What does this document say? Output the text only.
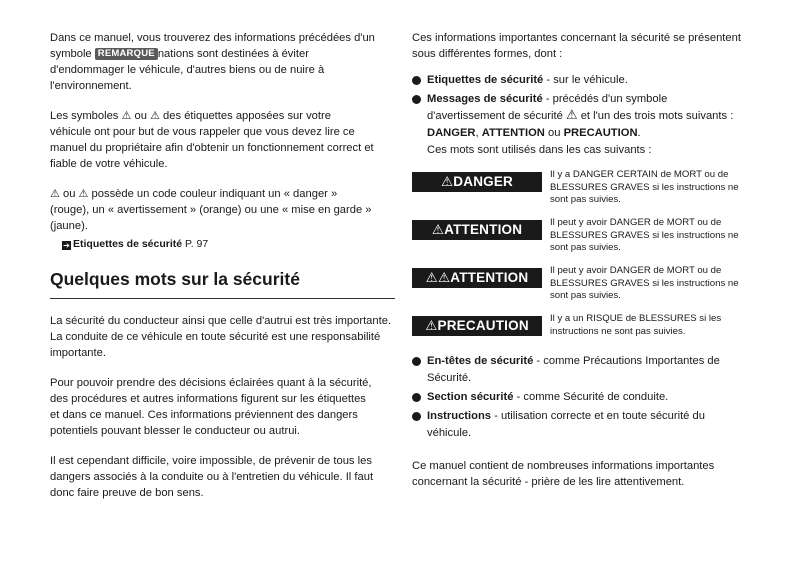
Dans ce manuel, vous trouverez des informations précédées d'un

symbole REMARQUE nations sont destinées à éviter

d'endommager le véhicule, d'autres biens ou de nuire à

l'environnement.

Les symboles ⚠ ou ⚠ des étiquettes apposées sur votre

véhicule ont pour but de vous rappeler que vous devez lire ce

manuel du propriétaire afin d'obtenir un fonctionnement correct et

fiable de votre véhicule.

⚠ ou ⚠ possède un code couleur indiquant un « danger »

(rouge), un « avertissement » (orange) ou une « mise en garde »

(jaune).

➔ Etiquettes de sécurité P. 97

Quelques mots sur la sécurité

La sécurité du conducteur ainsi que celle d'autrui est très importante.

La conduite de ce véhicule en toute sécurité est une responsabilité

importante.

Pour pouvoir prendre des décisions éclairées quant à la sécurité,

des procédures et autres informations figurent sur les étiquettes

et dans ce manuel. Ces informations préviennent des dangers

potentiels pouvant blesser le conducteur ou autrui.

Il est cependant difficile, voire impossible, de prévenir de tous les

dangers associés à la conduite ou à l'entretien du véhicule. Il faut

donc faire preuve de bon sens.

Ces informations importantes concernant la sécurité se présentent

sous différentes formes, dont :

Etiquettes de sécurité - sur le véhicule.
Messages de sécurité - précédés d'un symbole

d'avertissement de sécurité ⚠ et l'un des trois mots suivants :

DANGER, ATTENTION ou PRECAUTION.

Ces mots sont utilisés dans les cas suivants :

⚠DANGER	Il y a DANGER CERTAIN de MORT ou de BLESSURES GRAVES si les instructions ne sont pas suivies.
⚠ATTENTION	Il peut y avoir DANGER de MORT ou de BLESSURES GRAVES si les instructions ne sont pas suivies.
⚠⚠ATTENTION	Il peut y avoir DANGER de MORT ou de BLESSURES GRAVES si les instructions ne sont pas suivies.
⚠PRECAUTION	Il y a un RISQUE de BLESSURES si les instructions ne sont pas suivies.
En-têtes de sécurité - comme Précautions Importantes de
Sécurité.
Section sécurité - comme Sécurité de conduite.
Instructions - utilisation correcte et en toute sécurité du
véhicule.

Ce manuel contient de nombreuses informations importantes

concernant la sécurité - prière de les lire attentivement.
